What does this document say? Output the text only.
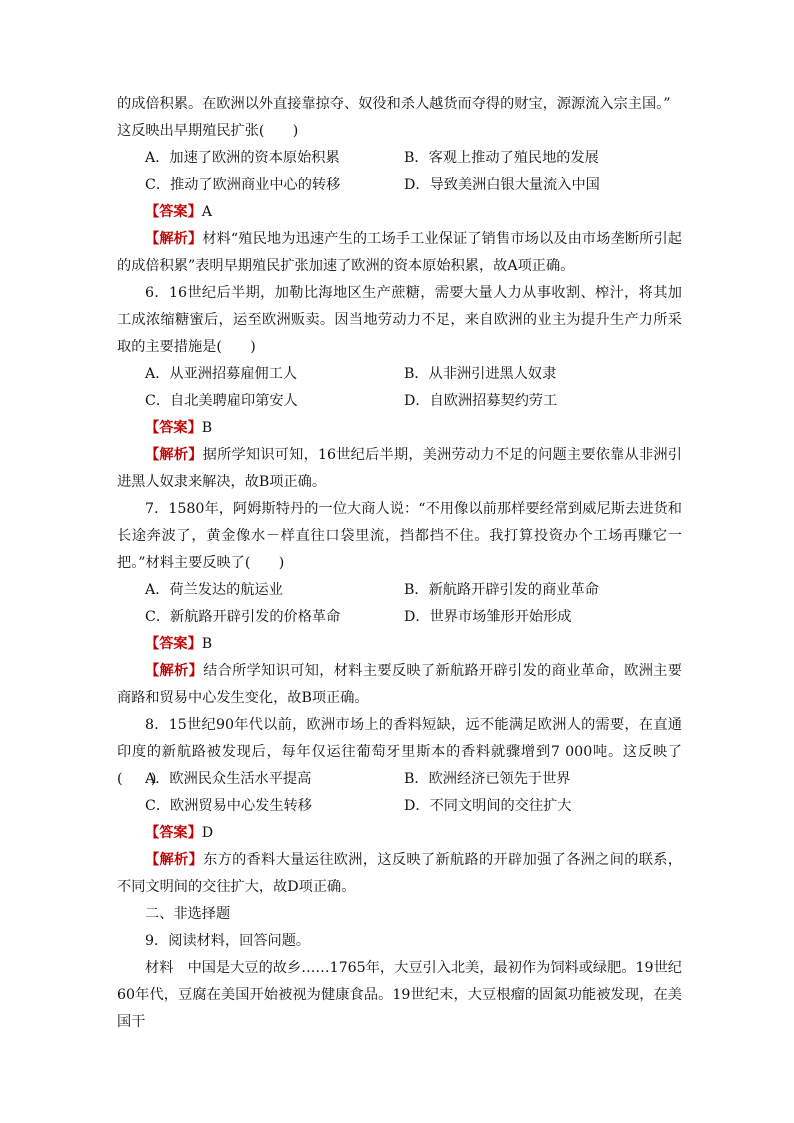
的成倍积累。在欧洲以外直接靠掠夺、奴役和杀人越货而夺得的财宝，源源流入宗主国。”
这反映出早期殖民扩张(　　)
A．加速了欧洲的资本原始积累	B．客观上推动了殖民地的发展
C．推动了欧洲商业中心的转移	D．导致美洲白银大量流入中国
【答案】A
【解析】材料“殖民地为迅速产生的工场手工业保证了销售市场以及由市场垄断所引起的成倍积累”表明早期殖民扩张加速了欧洲的资本原始积累，故A项正确。
6．16世纪后半期，加勒比海地区生产蔗糖，需要大量人力从事收割、榨汁，将其加工成浓缩糖蜜后，运至欧洲贩卖。因当地劳动力不足，来自欧洲的业主为提升生产力所采取的主要措施是(　　)
A．从亚洲招募雇佣工人	B．从非洲引进黑人奴隶
C．自北美聘雇印第安人	D．自欧洲招募契约劳工
【答案】B
【解析】据所学知识可知，16世纪后半期，美洲劳动力不足的问题主要依靠从非洲引进黑人奴隶来解决，故B项正确。
7．1580年，阿姆斯特丹的一位大商人说：“不用像以前那样要经常到威尼斯去进货和长途奔波了，黄金像水－样直往口袋里流，挡都挡不住。我打算投资办个工场再赚它一把。”材料主要反映了(　　)
A．荷兰发达的航运业	B．新航路开辟引发的商业革命
C．新航路开辟引发的价格革命	D．世界市场雏形开始形成
【答案】B
【解析】结合所学知识可知，材料主要反映了新航路开辟引发的商业革命，欧洲主要商路和贸易中心发生变化，故B项正确。
8．15世纪90年代以前，欧洲市场上的香料短缺，远不能满足欧洲人的需要，在直通印度的新航路被发现后，每年仅运往葡萄牙里斯本的香料就骤增到7 000吨。这反映了(　　)
A．欧洲民众生活水平提高	B．欧洲经济已领先于世界
C．欧洲贸易中心发生转移	D．不同文明间的交往扩大
【答案】D
【解析】东方的香料大量运往欧洲，这反映了新航路的开辟加强了各洲之间的联系，不同文明间的交往扩大，故D项正确。
二、非选择题
9．阅读材料，回答问题。
材料　中国是大豆的故乡……1765年，大豆引入北美，最初作为饲料或绿肥。19世纪60年代，豆腐在美国开始被视为健康食品。19世纪末，大豆根瘤的固氮功能被发现，在美国干
